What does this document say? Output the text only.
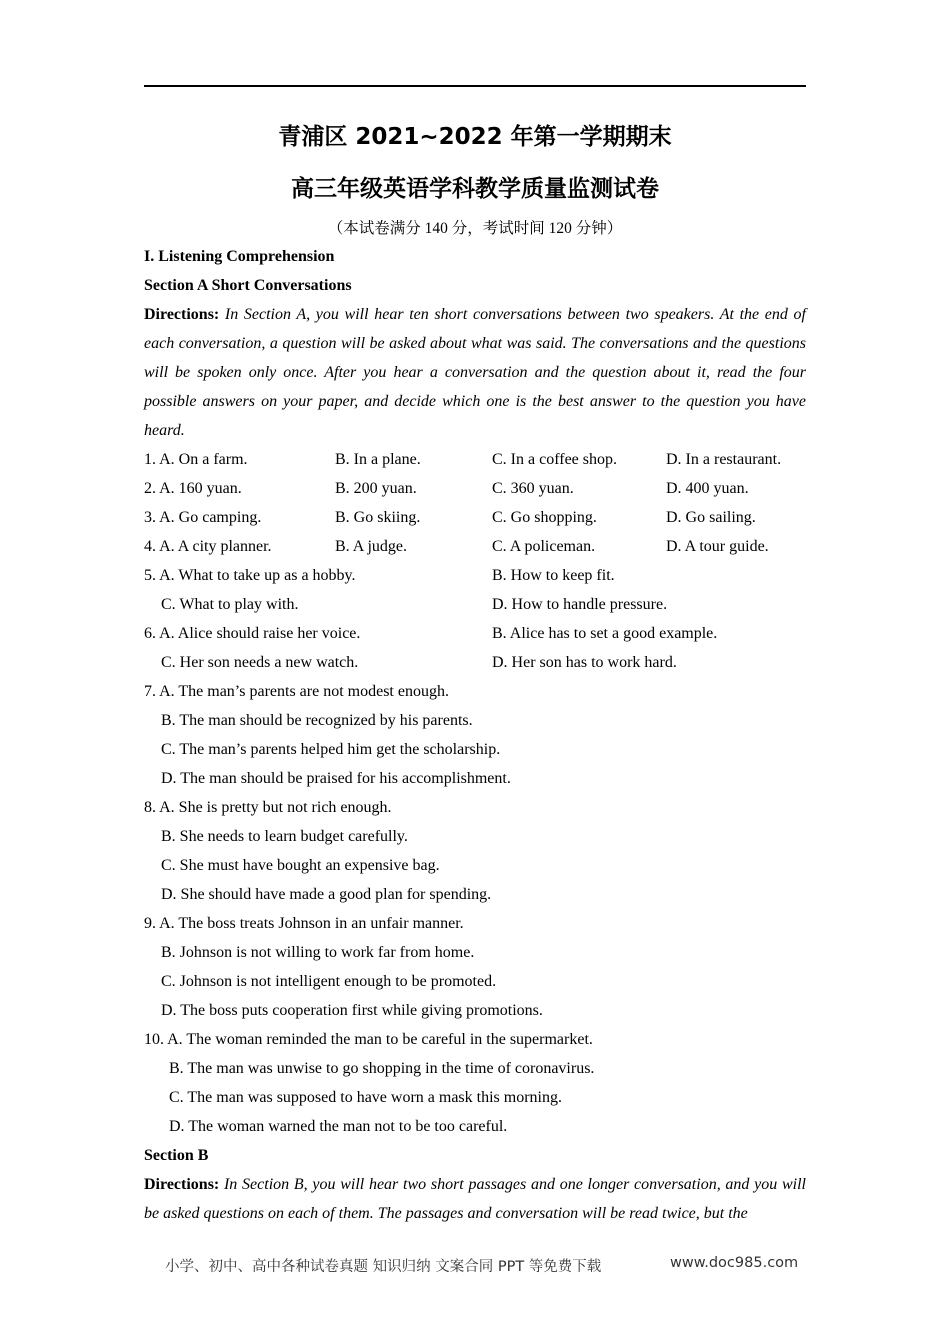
青浦区 2021~2022 年第一学期期末
高三年级英语学科教学质量监测试卷
（本试卷满分 140 分，考试时间 120 分钟）
I. Listening Comprehension
Section A Short Conversations
Directions: In Section A, you will hear ten short conversations between two speakers. At the end of each conversation, a question will be asked about what was said. The conversations and the questions will be spoken only once. After you hear a conversation and the question about it, read the four possible answers on your paper, and decide which one is the best answer to the question you have heard.
1. A. On a farm.	B. In a plane.	C. In a coffee shop.	D. In a restaurant.
2. A. 160 yuan.	B. 200 yuan.	C. 360 yuan.	D. 400 yuan.
3. A. Go camping.	B. Go skiing.	C. Go shopping.	D. Go sailing.
4. A. A city planner.	B. A judge.	C. A policeman.	D. A tour guide.
5. A. What to take up as a hobby.	B. How to keep fit.
C. What to play with.	D. How to handle pressure.
6. A. Alice should raise her voice.	B. Alice has to set a good example.
C. Her son needs a new watch.	D. Her son has to work hard.
7. A. The man’s parents are not modest enough.
B. The man should be recognized by his parents.
C. The man’s parents helped him get the scholarship.
D. The man should be praised for his accomplishment.
8. A. She is pretty but not rich enough.
B. She needs to learn budget carefully.
C. She must have bought an expensive bag.
D. She should have made a good plan for spending.
9. A. The boss treats Johnson in an unfair manner.
B. Johnson is not willing to work far from home.
C. Johnson is not intelligent enough to be promoted.
D. The boss puts cooperation first while giving promotions.
10. A. The woman reminded the man to be careful in the supermarket.
B. The man was unwise to go shopping in the time of coronavirus.
C. The man was supposed to have worn a mask this morning.
D. The woman warned the man not to be too careful.
Section B
Directions: In Section B, you will hear two short passages and one longer conversation, and you will be asked questions on each of them. The passages and conversation will be read twice, but the
小学、初中、高中各种试卷真题 知识归纳 文案合同 PPT 等免费下载	www.doc985.com
